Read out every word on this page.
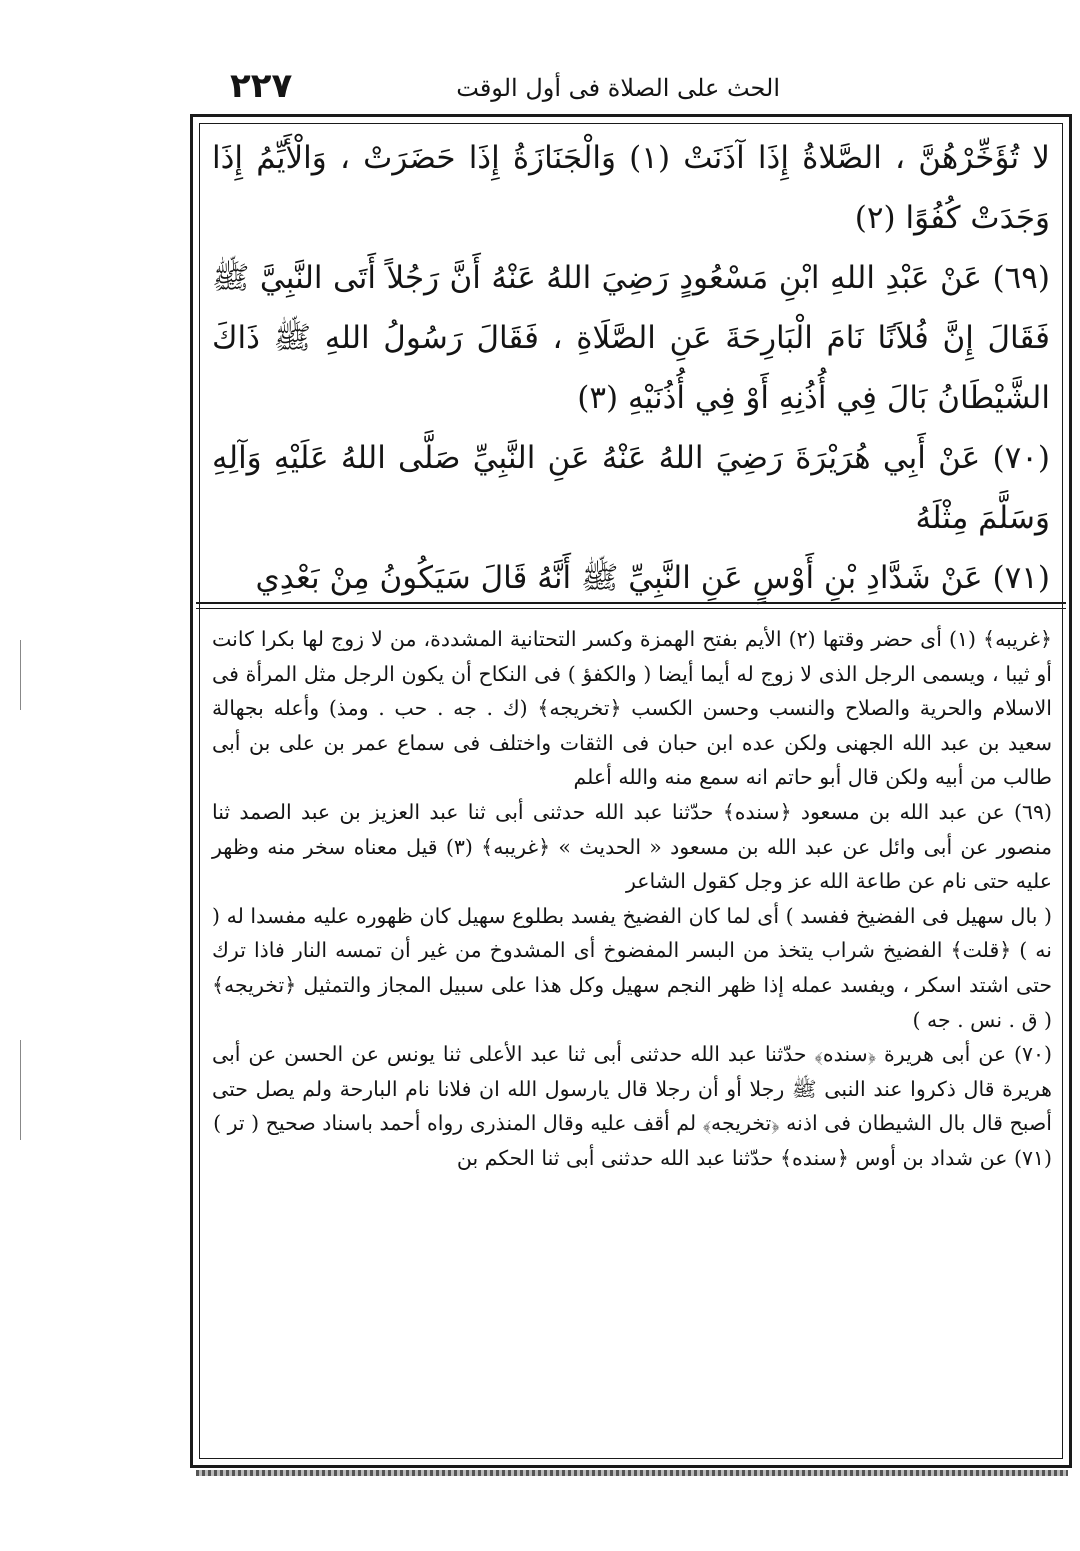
٢٢٧	الحث على الصلاة فى أول الوقت

لا تُؤَخِّرْهُنَّ ، الصَّلاةُ إِذَا آذَنَتْ (١) وَالْجَنَازَةُ إِذَا حَضَرَتْ ، وَالْأَيِّمُ إِذَا وَجَدَتْ كُفُوًا (٢)

(٦٩) عَنْ عَبْدِ اللهِ ابْنِ مَسْعُودٍ رَضِيَ اللهُ عَنْهُ أَنَّ رَجُلاً أَتَى النَّبِيَّ ﷺ فَقَالَ إِنَّ فُلاَنًا نَامَ الْبَارِحَةَ عَنِ الصَّلَاةِ ، فَقَالَ رَسُولُ اللهِ ﷺ ذَاكَ الشَّيْطَانُ بَالَ فِي أُذُنِهِ أَوْ فِي أُذُنَيْهِ (٣)

(٧٠) عَنْ أَبِي هُرَيْرَةَ رَضِيَ اللهُ عَنْهُ عَنِ النَّبِيِّ صَلَّى اللهُ عَلَيْهِ وَآلِهِ وَسَلَّمَ مِثْلَهُ

(٧١) عَنْ شَدَّادِ بْنِ أَوْسٍ عَنِ النَّبِيِّ ﷺ أَنَّهُ قَالَ سَيَكُونُ مِنْ بَعْدِي

﴿غريبه﴾ (١) أى حضر وقتها (٢) الأيم بفتح الهمزة وكسر التحتانية المشددة، من لا زوج لها بكرا كانت أو ثيبا ، ويسمى الرجل الذى لا زوج له أيما أيضا ( والكفؤ ) فى النكاح أن يكون الرجل مثل المرأة فى الاسلام والحرية والصلاح والنسب وحسن الكسب ﴿تخريجه﴾ (ك . جه . حب . ومذ) وأعله بجهالة سعيد بن عبد الله الجهنى ولكن عده ابن حبان فى الثقات واختلف فى سماع عمر بن على بن أبى طالب من أبيه ولكن قال أبو حاتم انه سمع منه والله أعلم

(٦٩) عن عبد الله بن مسعود ﴿سنده﴾ حدّثنا عبد الله حدثنى أبى ثنا عبد العزيز بن عبد الصمد ثنا منصور عن أبى وائل عن عبد الله بن مسعود « الحديث » ﴿غريبه﴾ (٣) قيل معناه سخر منه وظهر عليه حتى نام عن طاعة الله عز وجل كقول الشاعر

( بال سهيل فى الفضيخ ففسد ) أى لما كان الفضيخ يفسد بطلوع سهيل كان ظهوره عليه مفسدا له ( نه ) ﴿قلت﴾ الفضيخ شراب يتخذ من البسر المفضوخ أى المشدوخ من غير أن تمسه النار فاذا ترك حتى اشتد اسكر ، ويفسد عمله إذا ظهر النجم سهيل وكل هذا على سبيل المجاز والتمثيل ﴿تخريجه﴾ ( ق . نس . جه )

(٧٠) عن أبى هريرة ﴿سنده﴾ حدّثنا عبد الله حدثنى أبى ثنا عبد الأعلى ثنا يونس عن الحسن عن أبى هريرة قال ذكروا عند النبى ﷺ رجلا أو أن رجلا قال يارسول الله ان فلانا نام البارحة ولم يصل حتى أصبح قال بال الشيطان فى اذنه ﴿تخريجه﴾ لم أقف عليه وقال المنذرى رواه أحمد باسناد صحيح ( تر )

(٧١) عن شداد بن أوس ﴿سنده﴾ حدّثنا عبد الله حدثنى أبى ثنا الحكم بن
